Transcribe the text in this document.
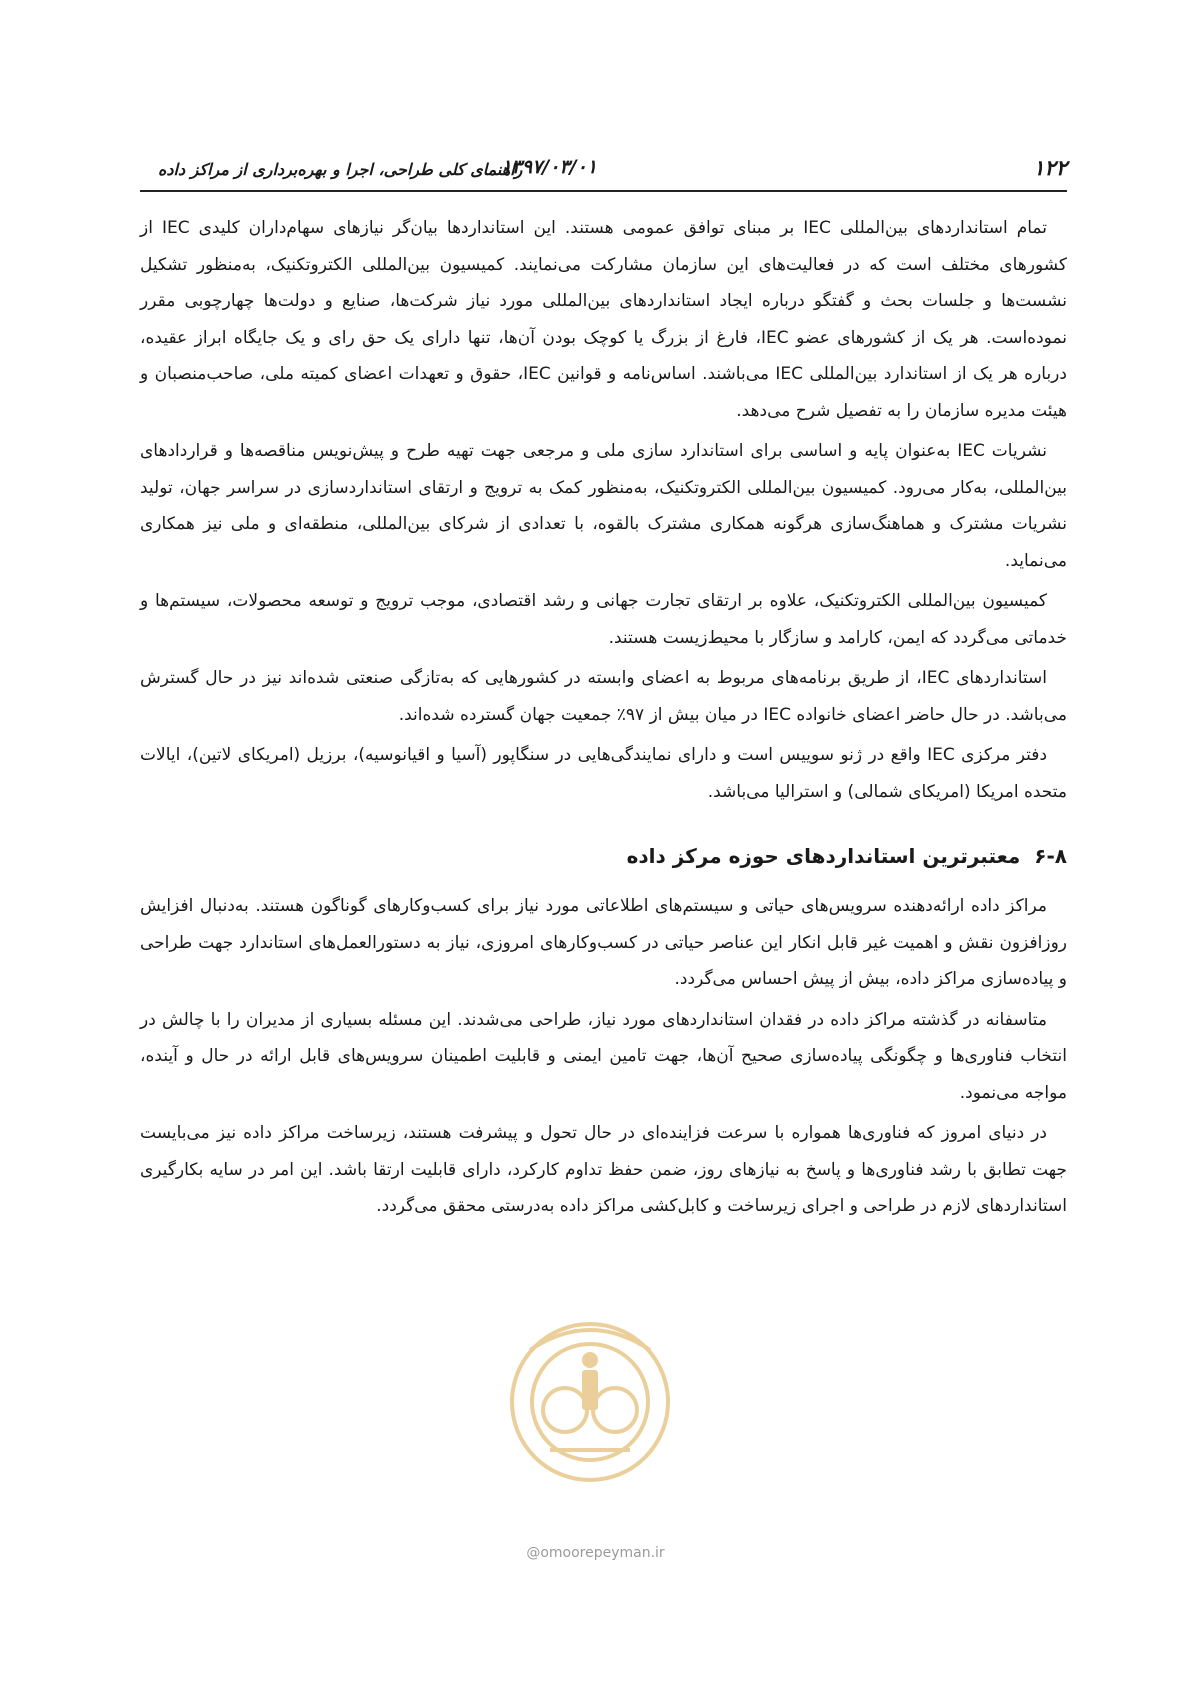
۱۲۲
۱۳۹۷/۰۳/۰۱
راهنمای کلی طراحی، اجرا و بهره‌برداری از مراکز داده

تمام استانداردهای بین‌المللی IEC بر مبنای توافق عمومی هستند. این استانداردها بیان‌گر نیازهای سهام‌داران کلیدی IEC از کشورهای مختلف است که در فعالیت‌های این سازمان مشارکت می‌نمایند. کمیسیون بین‌المللی الکتروتکنیک، به‌منظور تشکیل نشست‌ها و جلسات بحث و گفتگو درباره ایجاد استانداردهای بین‌المللی مورد نیاز شرکت‌ها، صنایع و دولت‌ها چهارچوبی مقرر نموده‌است. هر یک از کشورهای عضو IEC، فارغ از بزرگ یا کوچک بودن آن‌ها، تنها دارای یک حق رای و یک جایگاه ابراز عقیده، درباره هر یک از استاندارد بین‌المللی IEC می‌باشند. اساس‌نامه و قوانین IEC، حقوق و تعهدات اعضای کمیته ملی، صاحب‌منصبان و هیئت مدیره سازمان را به تفصیل شرح می‌دهد.

نشریات IEC به‌عنوان پایه و اساسی برای استاندارد سازی ملی و مرجعی جهت تهیه طرح و پیش‌نویس مناقصه‌ها و قراردادهای بین‌المللی، به‌کار می‌رود. کمیسیون بین‌المللی الکتروتکنیک، به‌منظور کمک به ترویج و ارتقای استانداردسازی در سراسر جهان، تولید نشریات مشترک و هماهنگ‌سازی هرگونه همکاری مشترک بالقوه، با تعدادی از شرکای بین‌المللی، منطقه‌ای و ملی نیز همکاری می‌نماید.

کمیسیون بین‌المللی الکتروتکنیک، علاوه بر ارتقای تجارت جهانی و رشد اقتصادی، موجب ترویج و توسعه محصولات، سیستم‌ها و خدماتی می‌گردد که ایمن، کارامد و سازگار با محیط‌زیست هستند.

استانداردهای IEC، از طریق برنامه‌های مربوط به اعضای وابسته در کشورهایی که به‌تازگی صنعتی شده‌اند نیز در حال گسترش می‌باشد. در حال حاضر اعضای خانواده IEC در میان بیش از ۹۷٪ جمعیت جهان گسترده شده‌اند.

دفتر مرکزی IEC واقع در ژنو سوییس است و دارای نمایندگی‌هایی در سنگاپور (آسیا و اقیانوسیه)، برزیل (امریکای لاتین)، ایالات متحده امریکا (امریکای شمالی) و استرالیا می‌باشد.

۶-۸
معتبرترین استانداردهای حوزه مرکز داده

مراکز داده ارائه‌دهنده سرویس‌های حیاتی و سیستم‌های اطلاعاتی مورد نیاز برای کسب‌وکارهای گوناگون هستند. به‌دنبال افزایش روزافزون نقش و اهمیت غیر قابل انکار این عناصر حیاتی در کسب‌وکارهای امروزی، نیاز به دستورالعمل‌های استاندارد جهت طراحی و پیاده‌سازی مراکز داده، بیش از پیش احساس می‌گردد.

متاسفانه در گذشته مراکز داده در فقدان استانداردهای مورد نیاز، طراحی می‌شدند. این مسئله بسیاری از مدیران را با چالش در انتخاب فناوری‌ها و چگونگی پیاده‌سازی صحیح آن‌ها، جهت تامین ایمنی و قابلیت اطمینان سرویس‌های قابل ارائه در حال و آینده، مواجه می‌نمود.

در دنیای امروز که فناوری‌ها همواره با سرعت فزاینده‌ای در حال تحول و پیشرفت هستند، زیرساخت مراکز داده نیز می‌بایست جهت تطابق با رشد فناوری‌ها و پاسخ به نیازهای روز، ضمن حفظ تداوم کارکرد، دارای قابلیت ارتقا باشد. این امر در سایه بکارگیری استانداردهای لازم در طراحی و اجرای زیرساخت و کابل‌کشی مراکز داده به‌درستی محقق می‌گردد.

@omoorepeyman.ir
